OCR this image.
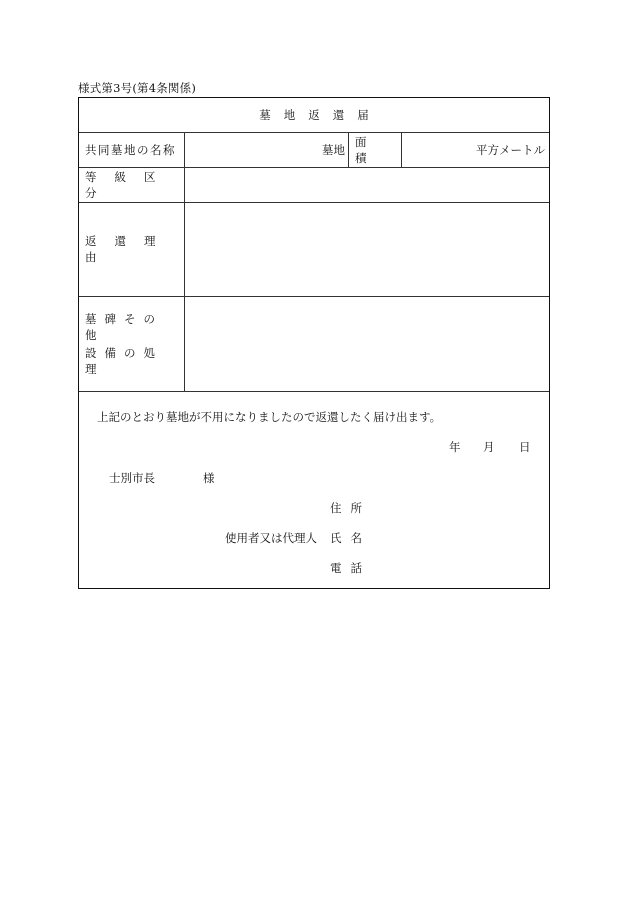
様式第3号(第4条関係)
墓地返還届
共同墓地の名称	墓地
面積
平方メートル
等級区分
返還理由
墓碑その他
設備の処理
上記のとおり墓地が不用になりましたので返還したく届け出ます。
年 月 日
士別市長	様
住所
使用者又は代理人 氏名
電話
